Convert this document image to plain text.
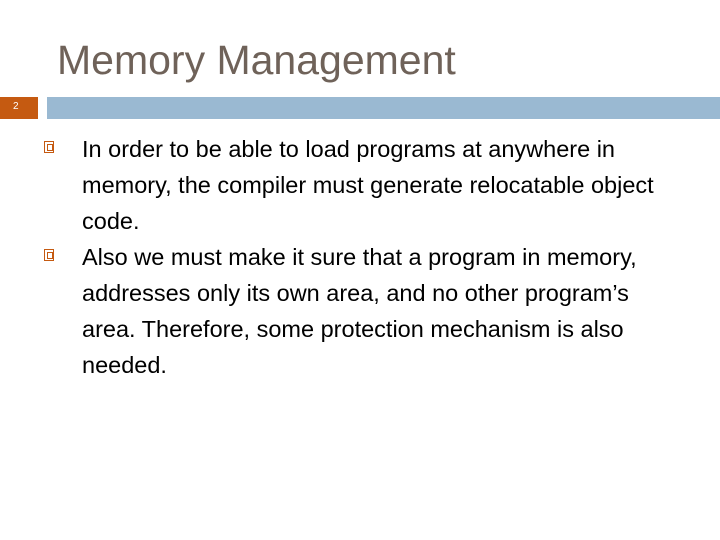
Memory Management
2
In order to be able to load programs at anywhere in memory, the compiler must generate relocatable object code.
Also we must make it sure that a program in memory, addresses only its own area, and no other program’s area. Therefore, some protection mechanism is also needed.
